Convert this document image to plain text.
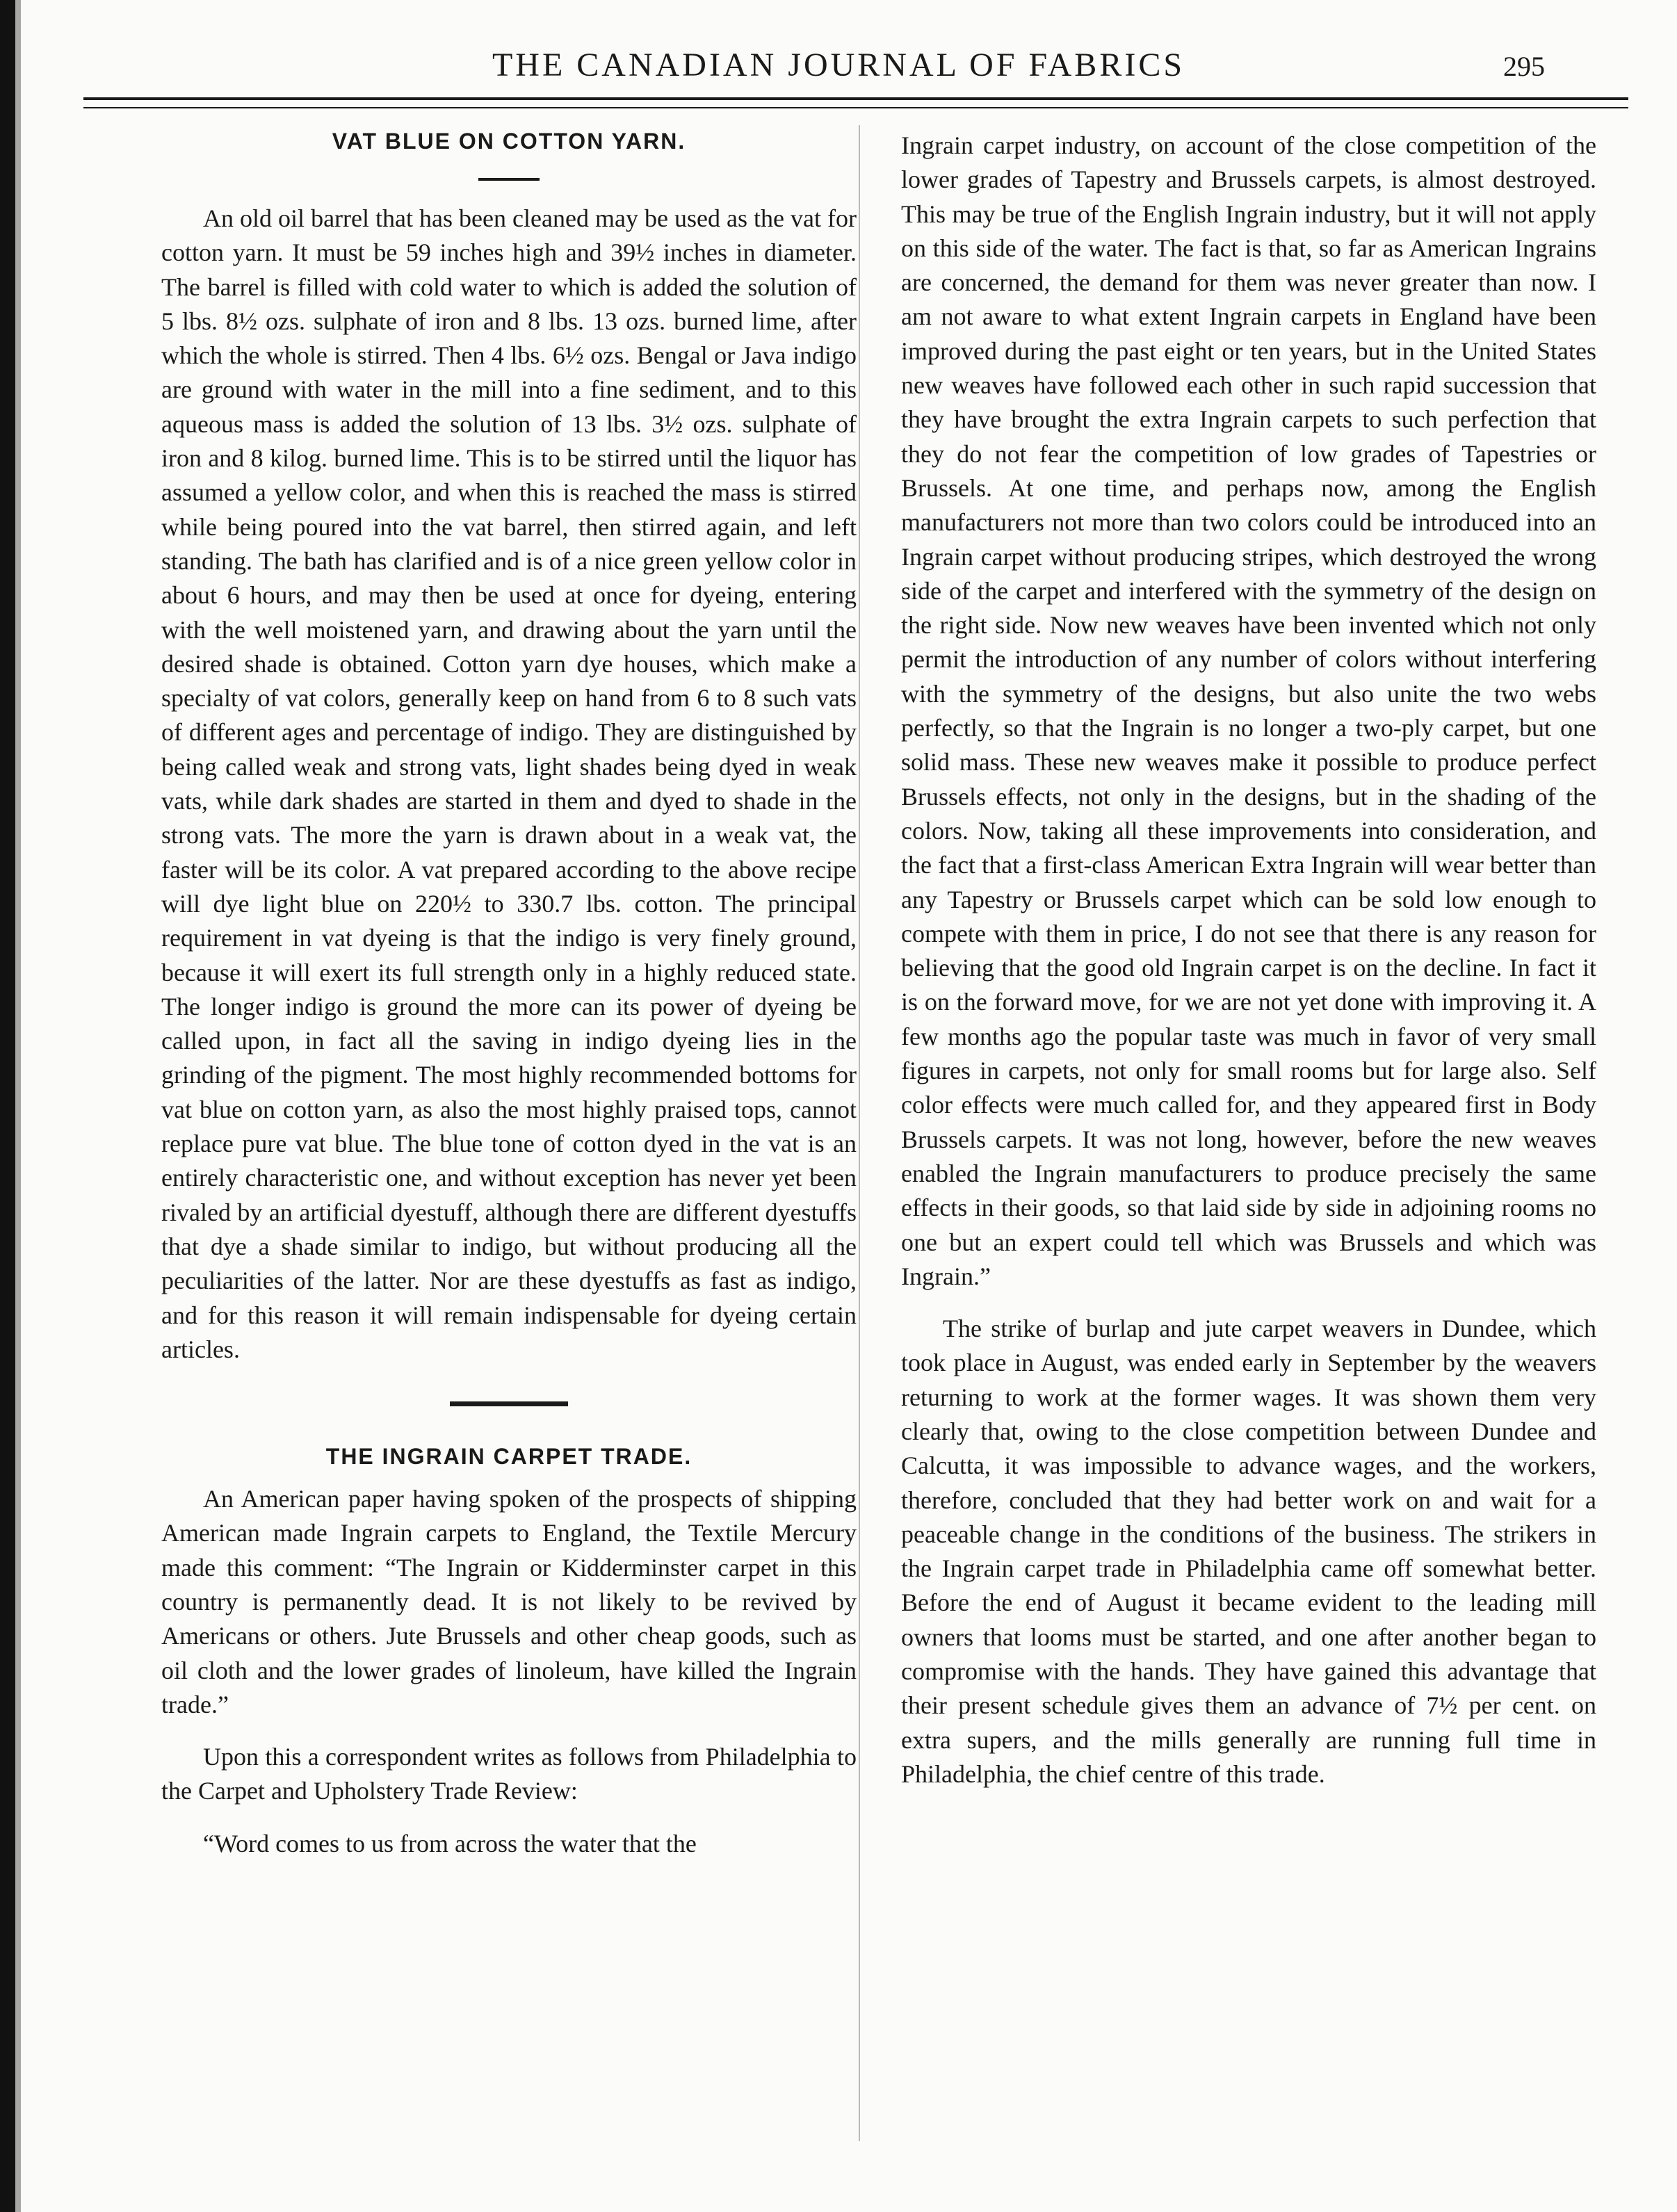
THE CANADIAN JOURNAL OF FABRICS	295
VAT BLUE ON COTTON YARN.

An old oil barrel that has been cleaned may be used as the vat for cotton yarn. It must be 59 inches high and 39½ inches in diameter. The barrel is filled with cold water to which is added the solution of 5 lbs. 8½ ozs. sulphate of iron and 8 lbs. 13 ozs. burned lime, after which the whole is stirred. Then 4 lbs. 6½ ozs. Bengal or Java indigo are ground with water in the mill into a fine sediment, and to this aqueous mass is added the solution of 13 lbs. 3½ ozs. sulphate of iron and 8 kilog. burned lime. This is to be stirred until the liquor has assumed a yellow color, and when this is reached the mass is stirred while being poured into the vat barrel, then stirred again, and left standing. The bath has clarified and is of a nice green yellow color in about 6 hours, and may then be used at once for dyeing, entering with the well moistened yarn, and drawing about the yarn until the desired shade is obtained. Cotton yarn dye houses, which make a specialty of vat colors, generally keep on hand from 6 to 8 such vats of different ages and percentage of indigo. They are distinguished by being called weak and strong vats, light shades being dyed in weak vats, while dark shades are started in them and dyed to shade in the strong vats. The more the yarn is drawn about in a weak vat, the faster will be its color. A vat prepared according to the above recipe will dye light blue on 220½ to 330.7 lbs. cotton. The principal requirement in vat dyeing is that the indigo is very finely ground, because it will exert its full strength only in a highly reduced state. The longer indigo is ground the more can its power of dyeing be called upon, in fact all the saving in indigo dyeing lies in the grinding of the pigment. The most highly recommended bottoms for vat blue on cotton yarn, as also the most highly praised tops, cannot replace pure vat blue. The blue tone of cotton dyed in the vat is an entirely characteristic one, and without exception has never yet been rivaled by an artificial dyestuff, although there are different dyestuffs that dye a shade similar to indigo, but without producing all the peculiarities of the latter. Nor are these dyestuffs as fast as indigo, and for this reason it will remain indispensable for dyeing certain articles.

THE INGRAIN CARPET TRADE.

An American paper having spoken of the prospects of shipping American made Ingrain carpets to England, the Textile Mercury made this comment: “The Ingrain or Kidderminster carpet in this country is permanently dead. It is not likely to be revived by Americans or others. Jute Brussels and other cheap goods, such as oil cloth and the lower grades of linoleum, have killed the Ingrain trade.”

Upon this a correspondent writes as follows from Philadelphia to the Carpet and Upholstery Trade Review:

“Word comes to us from across the water that the

Ingrain carpet industry, on account of the close competition of the lower grades of Tapestry and Brussels carpets, is almost destroyed. This may be true of the English Ingrain industry, but it will not apply on this side of the water. The fact is that, so far as American Ingrains are concerned, the demand for them was never greater than now. I am not aware to what extent Ingrain carpets in England have been improved during the past eight or ten years, but in the United States new weaves have followed each other in such rapid succession that they have brought the extra Ingrain carpets to such perfection that they do not fear the competition of low grades of Tapestries or Brussels. At one time, and perhaps now, among the English manufacturers not more than two colors could be introduced into an Ingrain carpet without producing stripes, which destroyed the wrong side of the carpet and interfered with the symmetry of the design on the right side. Now new weaves have been invented which not only permit the introduction of any number of colors without interfering with the symmetry of the designs, but also unite the two webs perfectly, so that the Ingrain is no longer a two-ply carpet, but one solid mass. These new weaves make it possible to produce perfect Brussels effects, not only in the designs, but in the shading of the colors. Now, taking all these improvements into consideration, and the fact that a first-class American Extra Ingrain will wear better than any Tapestry or Brussels carpet which can be sold low enough to compete with them in price, I do not see that there is any reason for believing that the good old Ingrain carpet is on the decline. In fact it is on the forward move, for we are not yet done with improving it. A few months ago the popular taste was much in favor of very small figures in carpets, not only for small rooms but for large also. Self color effects were much called for, and they appeared first in Body Brussels carpets. It was not long, however, before the new weaves enabled the Ingrain manufacturers to produce precisely the same effects in their goods, so that laid side by side in adjoining rooms no one but an expert could tell which was Brussels and which was Ingrain.”

The strike of burlap and jute carpet weavers in Dundee, which took place in August, was ended early in September by the weavers returning to work at the former wages. It was shown them very clearly that, owing to the close competition between Dundee and Calcutta, it was impossible to advance wages, and the workers, therefore, concluded that they had better work on and wait for a peaceable change in the conditions of the business. The strikers in the Ingrain carpet trade in Philadelphia came off somewhat better. Before the end of August it became evident to the leading mill owners that looms must be started, and one after another began to compromise with the hands. They have gained this advantage that their present schedule gives them an advance of 7½ per cent. on extra supers, and the mills generally are running full time in Philadelphia, the chief centre of this trade.
